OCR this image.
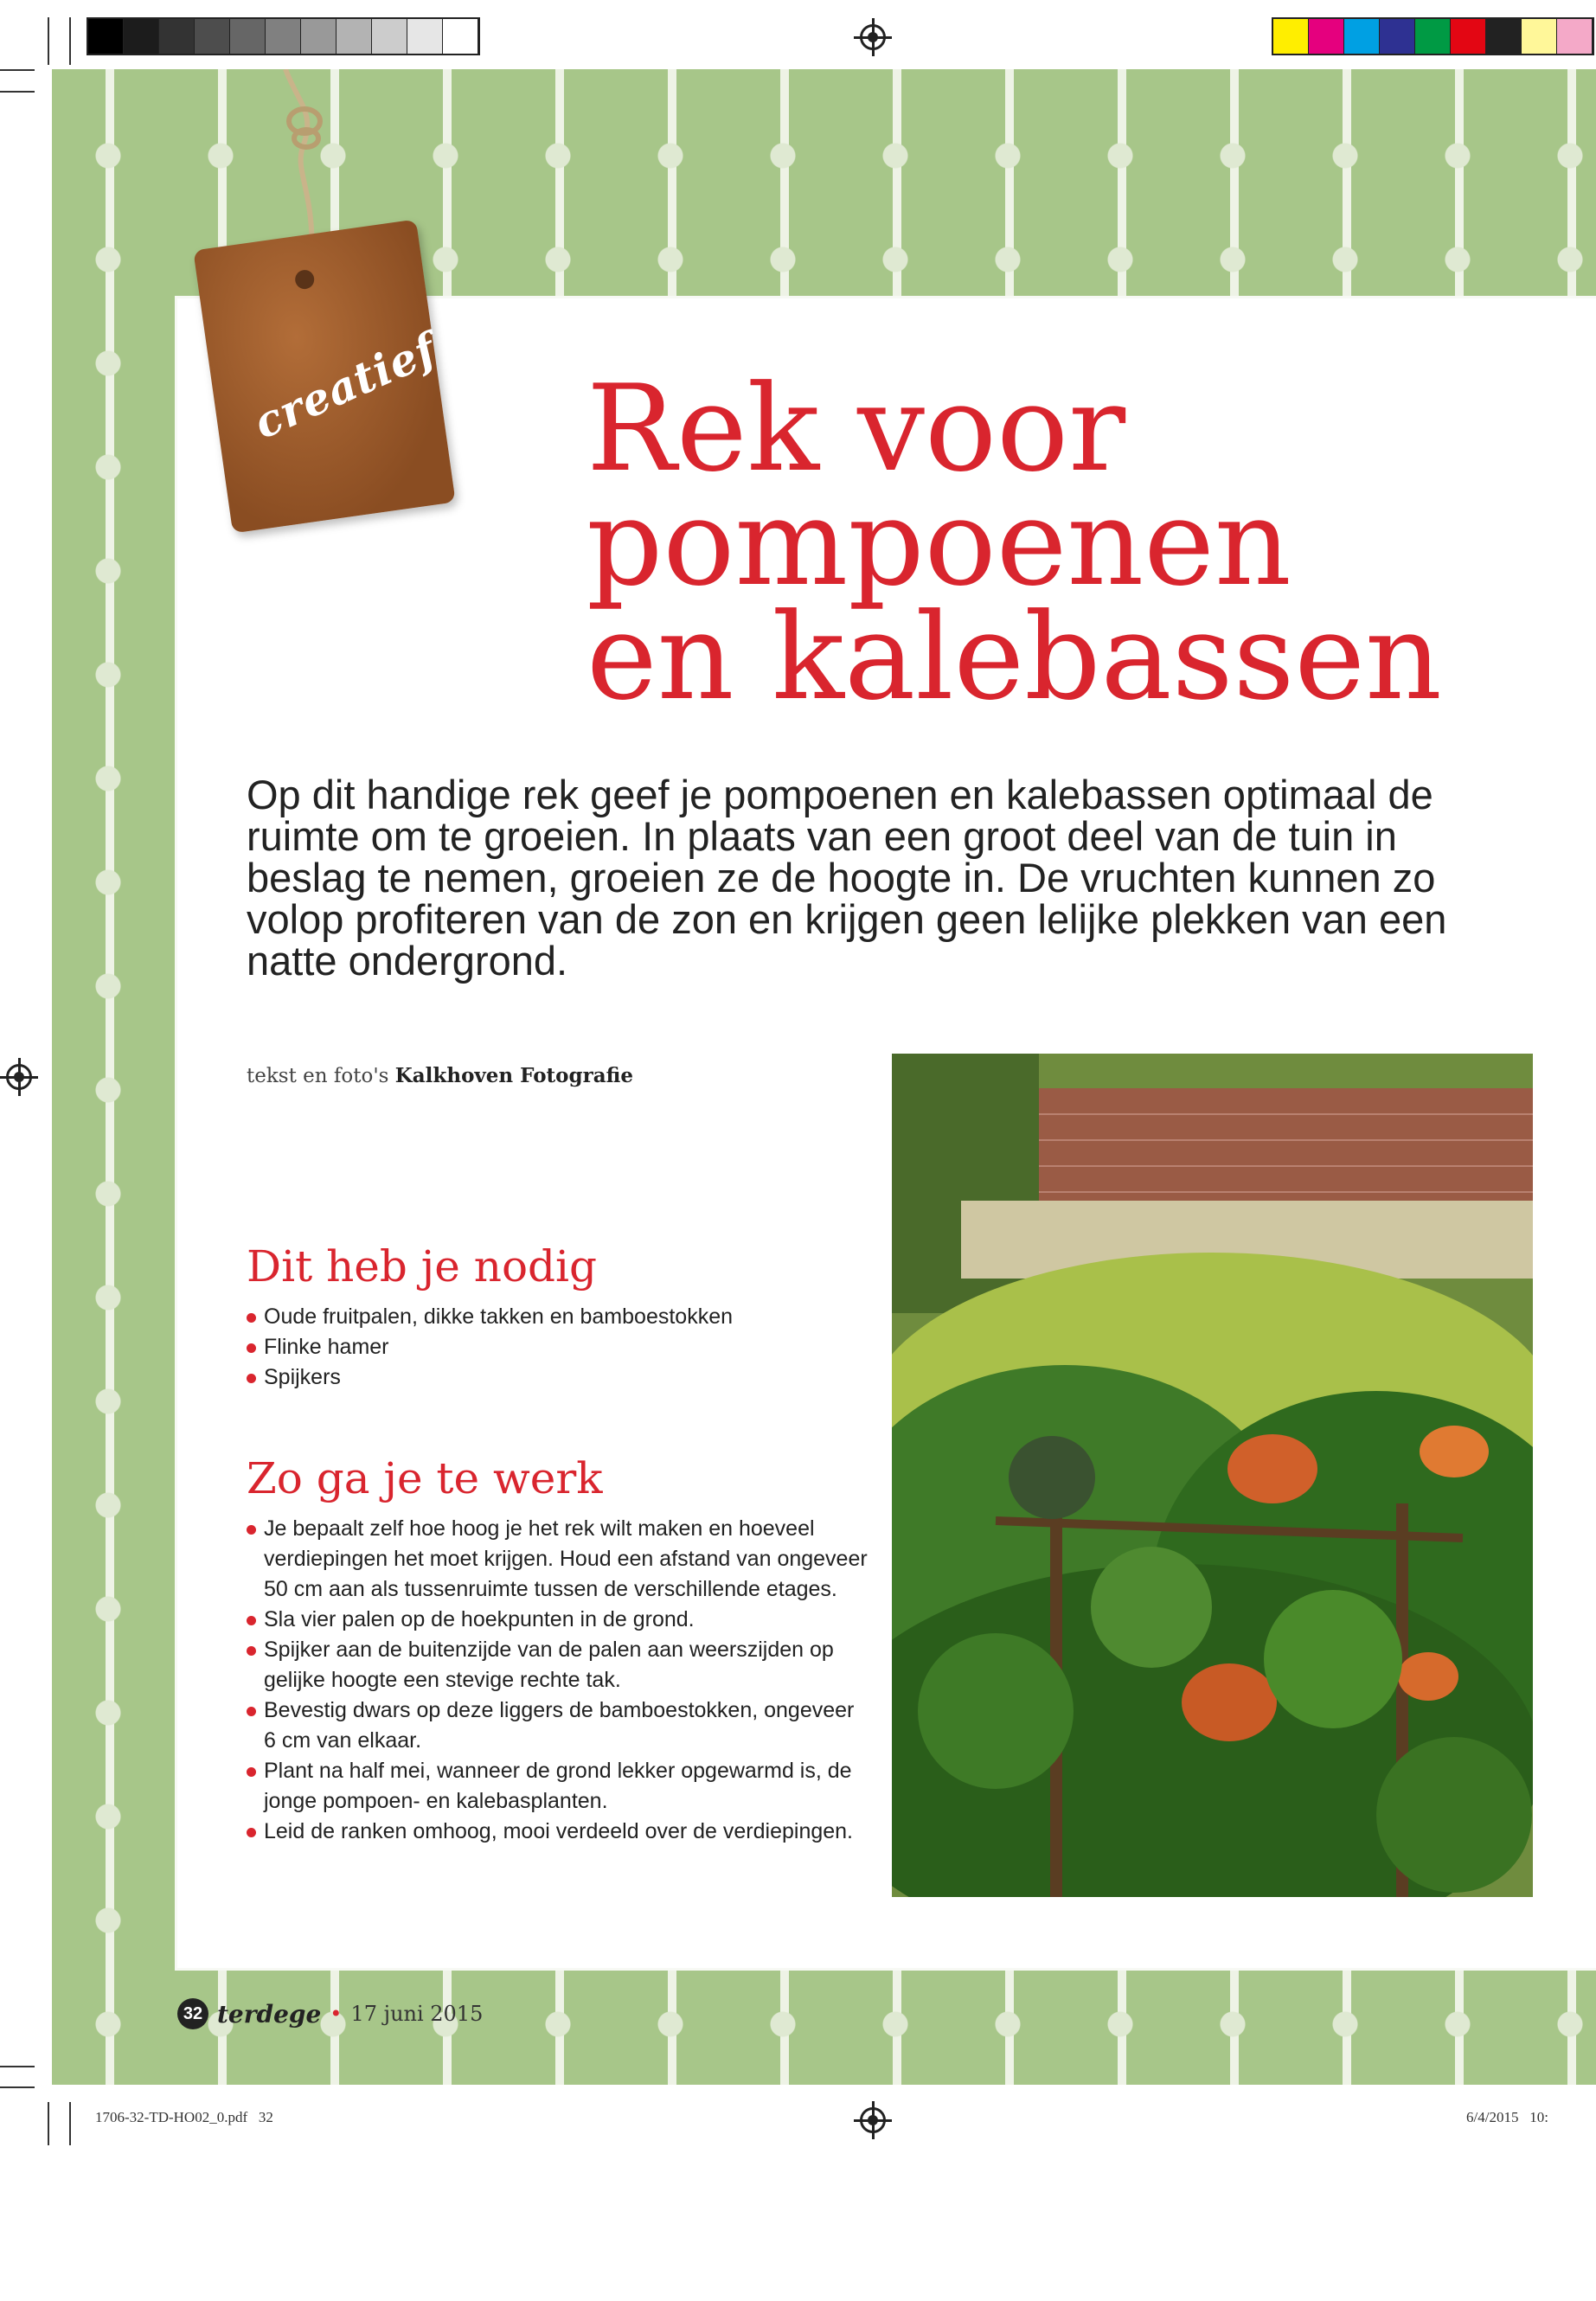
creatief Rek voor
pompoenen
en kalebassen

Op dit handige rek geef je pompoenen en kalebassen optimaal de ruimte om te groeien. In plaats van een groot deel van de tuin in beslag te nemen, groeien ze de hoogte in. De vruchten kunnen zo volop profiteren van de zon en krijgen geen lelijke plekken van een natte ondergrond.

tekst en foto's Kalkhoven Fotografie
Dit heb je nodig
Oude fruitpalen, dikke takken en bamboestokken
Flinke hamer
Spijkers
Zo ga je te werk
Je bepaalt zelf hoe hoog je het rek wilt maken en hoeveel verdiepingen het moet krijgen. Houd een afstand van ongeveer 50 cm aan als tussenruimte tussen de verschillende etages.
Sla vier palen op de hoekpunten in de grond.
Spijker aan de buitenzijde van de palen aan weerszijden op gelijke hoogte een stevige rechte tak.
Bevestig dwars op deze liggers de bamboestokken, ongeveer 6 cm van elkaar.
Plant na half mei, wanneer de grond lekker opgewarmd is, de jonge pompoen- en kalebasplanten.
Leid de ranken omhoog, mooi verdeeld over de verdiepingen.
32 terdege • 17 juni 2015
1706-32-TD-HO02_0.pdf 32	6/4/2015 10:
